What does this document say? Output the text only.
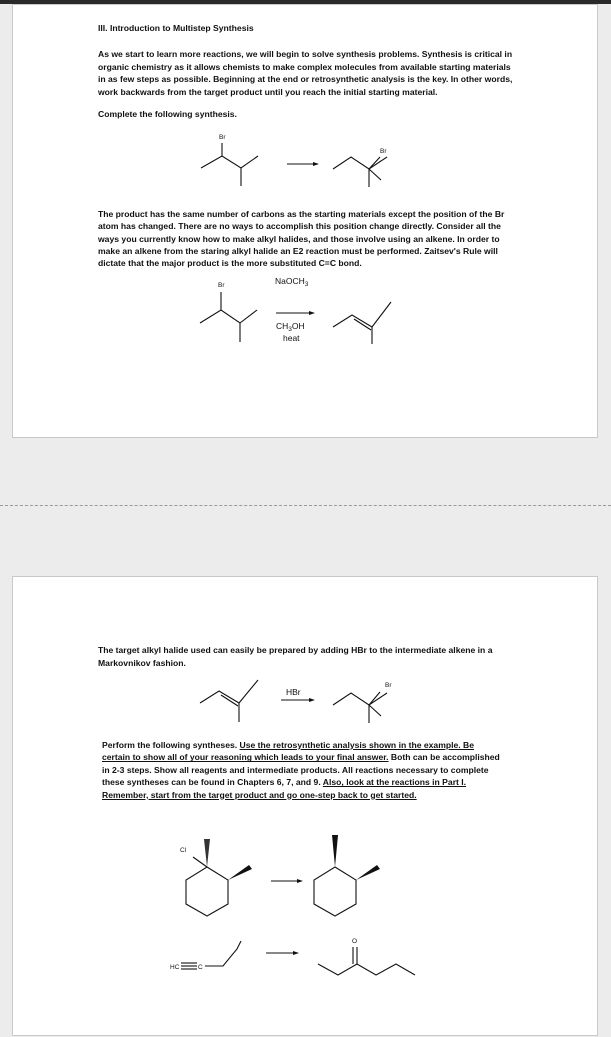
III. Introduction to Multistep Synthesis
As we start to learn more reactions, we will begin to solve synthesis problems. Synthesis is critical in
organic chemistry as it allows chemists to make complex molecules from available starting materials
in as few steps as possible. Beginning at the end or retrosynthetic analysis is the key. In other words,
work backwards from the target product until you reach the initial starting material.
Complete the following synthesis.
Br
Br
The product has the same number of carbons as the starting materials except the position of the Br
atom has changed. There are no ways to accomplish this position change directly. Consider all the
ways you currently know how to make alkyl halides, and those involve using an alkene. In order to
make an alkene from the staring alkyl halide an E2 reaction must be performed. Zaitsev's Rule will
dictate that the major product is the more substituted C=C bond.
Br	NaOCH$_3$
$CH_3OH$
heat
The target alkyl halide used can easily be prepared by adding HBr to the intermediate alkene in a
Markovnikov fashion.
HBr
Br
Perform the following syntheses. Use the retrosynthetic analysis shown in the example. Be
certain to show all of your reasoning which leads to your final answer. Both can be accomplished
in 2-3 steps. Show all reagents and intermediate products. All reactions necessary to complete
these syntheses can be found in Chapters 6, 7, and 9. Also, look at the reactions in Part I.
Remember, start from the target product and go one-step back to get started.
Cl
HC	C
O
